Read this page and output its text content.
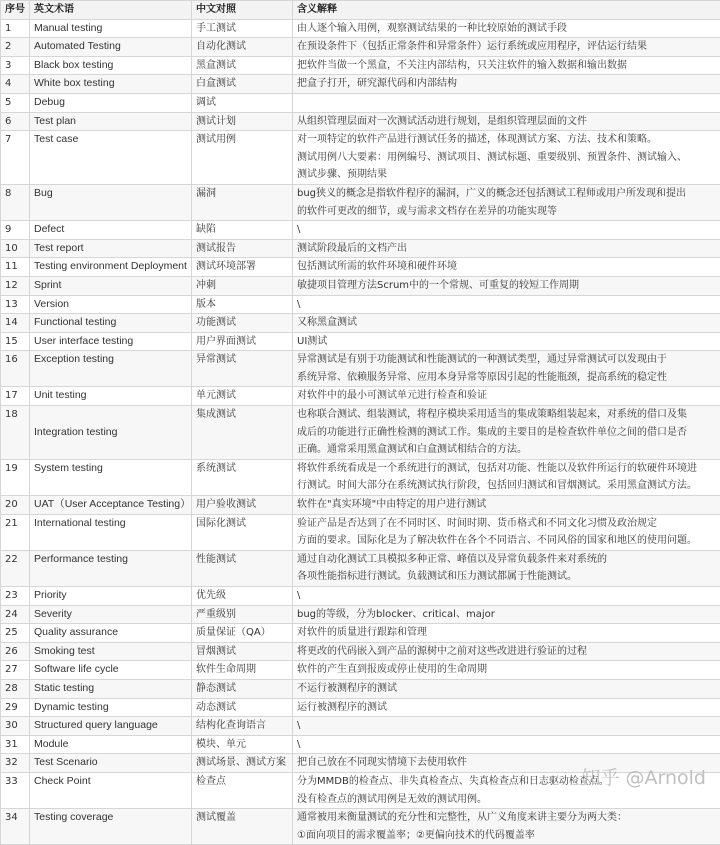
序号	英文术语	中文对照	含义解释
1	Manual testing	手工测试	由人逐个输入用例，观察测试结果的一种比较原始的测试手段

2	Automated Testing	自动化测试	在预设条件下（包括正常条件和异常条件）运行系统或应用程序，评估运行结果

3	Black box testing	黑盒测试	把软件当做一个黑盒，不关注内部结构，只关注软件的输入数据和输出数据

4	White box testing	白盒测试	把盒子打开，研究源代码和内部结构

5	Debug	调试	

6	Test plan	测试计划	从组织管理层面对一次测试活动进行规划，是组织管理层面的文件

7	Test case	测试用例	对一项特定的软件产品进行测试任务的描述，体现测试方案、方法、技术和策略。
测试用例八大要素：用例编号、测试项目、测试标题、重要级别、预置条件、测试输入、
测试步骤、预期结果

8	Bug	漏洞	bug狭义的概念是指软件程序的漏洞，广义的概念还包括测试工程师或用户所发现和提出
的软件可更改的细节，或与需求文档存在差异的功能实现等

9	Defect	缺陷	\

10	Test report	测试报告	测试阶段最后的文档产出

11	Testing environment Deployment	测试环境部署	包括测试所需的软件环境和硬件环境

12	Sprint	冲刺	敏捷项目管理方法Scrum中的一个常规、可重复的较短工作周期

13	Version	版本	\

14	Functional testing	功能测试	又称黑盒测试

15	User interface testing	用户界面测试	UI测试

16	Exception testing	异常测试	异常测试是有别于功能测试和性能测试的一种测试类型，通过异常测试可以发现由于
系统异常、依赖服务异常、应用本身异常等原因引起的性能瓶颈，提高系统的稳定性

17	Unit testing	单元测试	对软件中的最小可测试单元进行检查和验证

18	Integration testing	集成测试	也称联合测试、组装测试，将程序模块采用适当的集成策略组装起来，对系统的借口及集
成后的功能进行正确性检测的测试工作。集成的主要目的是检查软件单位之间的借口是否
正确。通常采用黑盒测试和白盒测试相结合的方法。

19	System testing	系统测试	将软件系统看成是一个系统进行的测试，包括对功能、性能以及软件所运行的软硬件环境进
行测试。时间大部分在系统测试执行阶段，包括回归测试和冒烟测试。采用黑盒测试方法。

20	UAT（User Acceptance Testing）	用户验收测试	软件在"真实环境"中由特定的用户进行测试

21	International testing	国际化测试	验证产品是否达到了在不同时区、时间时期、货币格式和不同文化习惯及政治规定
方面的要求。国际化是为了解决软件在各个不同语言、不同风俗的国家和地区的使用问题。

22	Performance testing	性能测试	通过自动化测试工具模拟多种正常、峰值以及异常负载条件来对系统的
各项性能指标进行测试。负载测试和压力测试都属于性能测试。

23	Priority	优先级	\

24	Severity	严重级别	bug的等级，分为blocker、critical、major

25	Quality assurance	质量保证（QA）	对软件的质量进行跟踪和管理

26	Smoking test	冒烟测试	将更改的代码嵌入到产品的源树中之前对这些改进进行验证的过程

27	Software life cycle	软件生命周期	软件的产生直到报废或停止使用的生命周期

28	Static testing	静态测试	不运行被测程序的测试

29	Dynamic testing	动态测试	运行被测程序的测试

30	Structured query language	结构化查询语言	\

31	Module	模块、单元	\

32	Test Scenario	测试场景、测试方案	把自己放在不同现实情境下去使用软件

33	Check Point	检查点	分为MMDB的检查点、非失真检查点、失真检查点和日志驱动检查点。
没有检查点的测试用例是无效的测试用例。

34	Testing coverage	测试覆盖	通常被用来衡量测试的充分性和完整性，从广义角度来讲主要分为两大类：
①面向项目的需求覆盖率；②更偏向技术的代码覆盖率
知乎 @Arnold
